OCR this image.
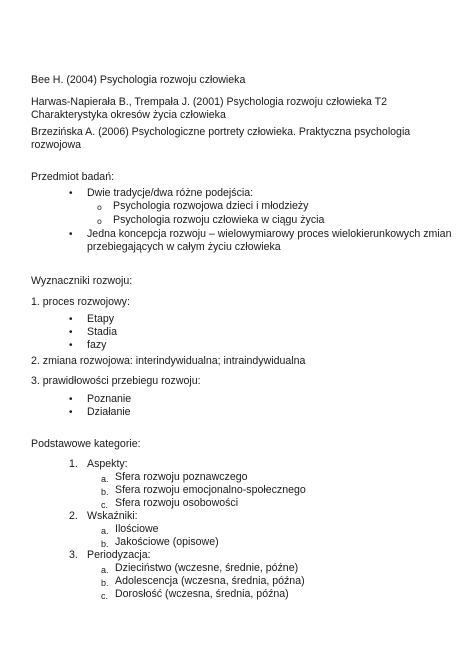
Bee H. (2004) Psychologia rozwoju człowieka
Harwas-Napierała B., Trempała J. (2001) Psychologia rozwoju człowieka T2
Charakterystyka okresów życia człowieka
Brzezińska A. (2006) Psychologiczne portrety człowieka. Praktyczna psychologia
rozwojowa
Przedmiot badań:
• Dwie tradycje/dwa różne podejścia:
o Psychologia rozwojowa dzieci i młodzieży
o Psychologia rozwoju człowieka w ciągu życia
• Jedna koncepcja rozwoju – wielowymiarowy proces wielokierunkowych zmian
przebiegających w całym życiu człowieka
Wyznaczniki rozwoju:
1. proces rozwojowy:
• Etapy
• Stadia
• fazy
2. zmiana rozwojowa: interindywidualna; intraindywidualna
3. prawidłowości przebiegu rozwoju:
• Poznanie
• Działanie
Podstawowe kategorie:
1. Aspekty:
a. Sfera rozwoju poznawczego
b. Sfera rozwoju emocjonalno-społecznego
c. Sfera rozwoju osobowości
2. Wskaźniki:
a. Ilościowe
b. Jakościowe (opisowe)
3. Periodyzacja:
a. Dzieciństwo (wczesne, średnie, późne)
b. Adolescencja (wczesna, średnia, późna)
c. Dorosłość (wczesna, średnia, późna)
